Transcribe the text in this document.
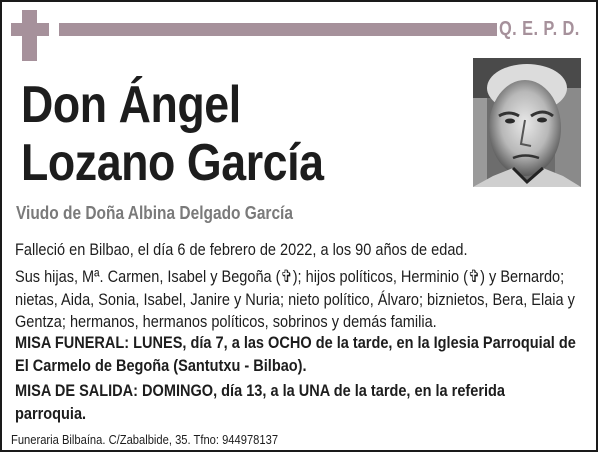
Q. E. P. D.
Don Ángel
Lozano García
Viudo de Doña Albina Delgado García
Falleció en Bilbao, el día 6 de febrero de 2022, a los 90 años de edad.
Sus hijas, Mª. Carmen, Isabel y Begoña (✞); hijos políticos, Herminio (✞) y Bernardo; nietas, Aida, Sonia, Isabel, Janire y Nuria; nieto político, Álvaro; biznietos, Bera, Elaia y Gentza; hermanos, hermanos políticos, sobrinos y demás familia.
MISA FUNERAL: LUNES, día 7, a las OCHO de la tarde, en la Iglesia Parroquial de El Carmelo de Begoña (Santutxu - Bilbao).
MISA DE SALIDA: DOMINGO, día 13, a la UNA de la tarde, en la referida parroquia.
Funeraria Bilbaína. C/Zabalbide, 35. Tfno: 944978137
